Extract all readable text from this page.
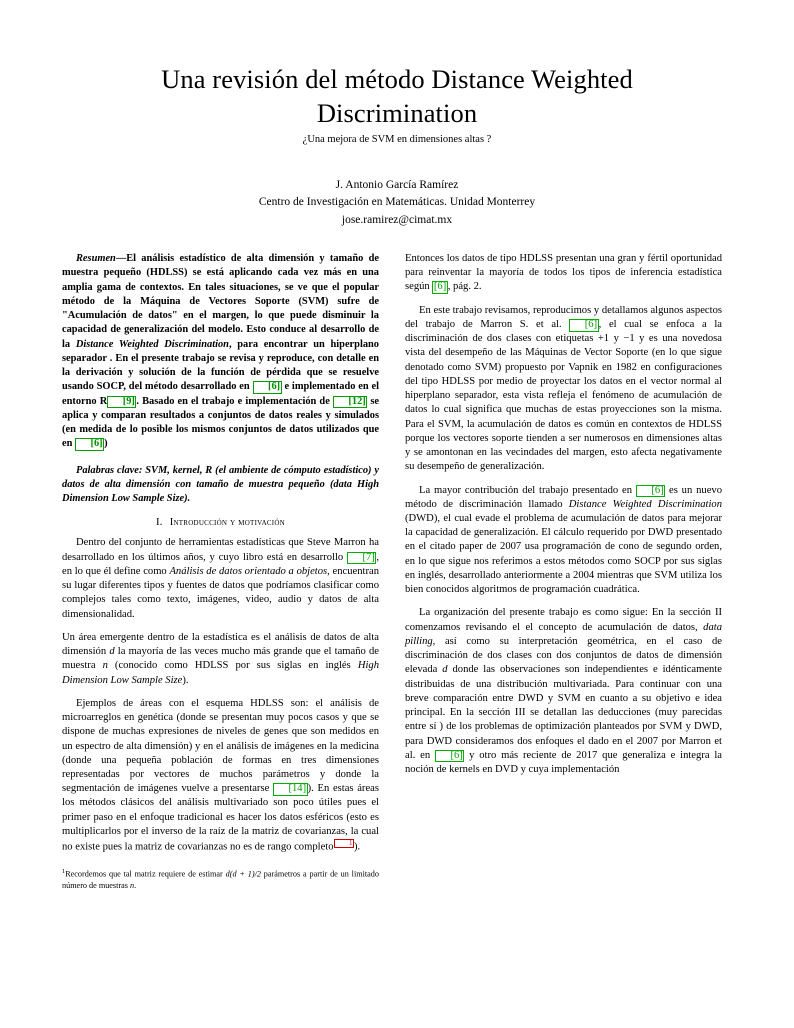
Una revisión del método Distance Weighted Discrimination
¿Una mejora de SVM en dimensiones altas ?
J. Antonio García Ramírez
Centro de Investigación en Matemáticas. Unidad Monterrey
jose.ramirez@cimat.mx

Resumen—El análisis estadístico de alta dimensión y tamaño de muestra pequeño (HDLSS) se está aplicando cada vez más en una amplia gama de contextos. En tales situaciones, se ve que el popular método de la Máquina de Vectores Soporte (SVM) sufre de "Acumulación de datos" en el margen, lo que puede disminuir la capacidad de generalización del modelo. Esto conduce al desarrollo de la Distance Weighted Discrimination, para encontrar un hiperplano separador . En el presente trabajo se revisa y reproduce, con detalle en la derivación y solución de la función de pérdida que se resuelve usando SOCP, del método desarrollado en [6] e implementado en el entorno R [9] . Basado en el trabajo e implementación de [12] se aplica y comparan resultados a conjuntos de datos reales y simulados (en medida de lo posible los mismos conjuntos de datos utilizados que en [6] )

Palabras clave: SVM, kernel, R (el ambiente de cómputo estadístico) y datos de alta dimensión con tamaño de muestra pequeño (data High Dimension Low Sample Size).

I. Introducción y motivación

Dentro del conjunto de herramientas estadísticas que Steve Marron ha desarrollado en los últimos años, y cuyo libro está en desarrollo [7] , en lo que él define como Análisis de datos orientado a objetos, encuentran su lugar diferentes tipos y fuentes de datos que podríamos clasificar como complejos tales como texto, imágenes, video, audio y datos de alta dimensionalidad.

Un área emergente dentro de la estadística es el análisis de datos de alta dimensión d la mayoría de las veces mucho más grande que el tamaño de muestra n (conocido como HDLSS por sus siglas en inglés High Dimension Low Sample Size).

Ejemplos de áreas con el esquema HDLSS son: el análisis de microarreglos en genética (donde se presentan muy pocos casos y que se dispone de muchas expresiones de niveles de genes que son medidos en un espectro de alta dimensión) y en el análisis de imágenes en la medicina (donde una pequeña población de formas en tres dimensiones representadas por vectores de muchos parámetros y donde la segmentación de imágenes vuelve a presentarse [14] ). En estas áreas los métodos clásicos del análisis multivariado son poco útiles pues el primer paso en el enfoque tradicional es hacer los datos esféricos (esto es multiplicarlos por el inverso de la raíz de la matriz de covarianzas, la cual no existe pues la matriz de covarianzas no es de rango completo 1 ).

$^1$Recordemos que tal matriz requiere de estimar d(d + 1)/2 parámetros a partir de un limitado número de muestras n.

Entonces los datos de tipo HDLSS presentan una gran y fértil oportunidad para reinventar la mayoría de todos los tipos de inferencia estadística según [6] , pág. 2.

En este trabajo revisamos, reproducimos y detallamos algunos aspectos del trabajo de Marron S. et al. [6] , el cual se enfoca a la discriminación de dos clases con etiquetas +1 y −1 y es una novedosa vista del desempeño de las Máquinas de Vector Soporte (en lo que sigue denotado como SVM) propuesto por Vapnik en 1982 en configuraciones del tipo HDLSS por medio de proyectar los datos en el vector normal al hiperplano separador, esta vista refleja el fenómeno de acumulación de datos lo cual significa que muchas de estas proyecciones son la misma. Para el SVM, la acumulación de datos es común en contextos de HDLSS porque los vectores soporte tienden a ser numerosos en dimensiones altas y se amontonan en las vecindades del margen, esto afecta negativamente su desempeño de generalización.

La mayor contribución del trabajo presentado en [6] es un nuevo método de discriminación llamado Distance Weighted Discrimination (DWD), el cual evade el problema de acumulación de datos para mejorar la capacidad de generalización. El cálculo requerido por DWD presentado en el citado paper de 2007 usa programación de cono de segundo orden, en lo que sigue nos referimos a estos métodos como SOCP por sus siglas en inglés, desarrollado anteriormente a 2004 mientras que SVM utiliza los bien conocidos algoritmos de programación cuadrática.

La organización del presente trabajo es como sigue: En la sección II comenzamos revisando el el concepto de acumulación de datos, data pilling, así como su interpretación geométrica, en el caso de discriminación de dos clases con dos conjuntos de datos de dimensión elevada d donde las observaciones son independientes e idénticamente distribuidas de una distribución multivariada. Para continuar con una breve comparación entre DWD y SVM en cuanto a su objetivo e idea principal. En la sección III se detallan las deducciones (muy parecidas entre sí ) de los problemas de optimización planteados por SVM y DWD, para DWD consideramos dos enfoques el dado en el 2007 por Marron et al. en [6] y otro más reciente de 2017 que generaliza e integra la noción de kernels en DVD y cuya implementación
